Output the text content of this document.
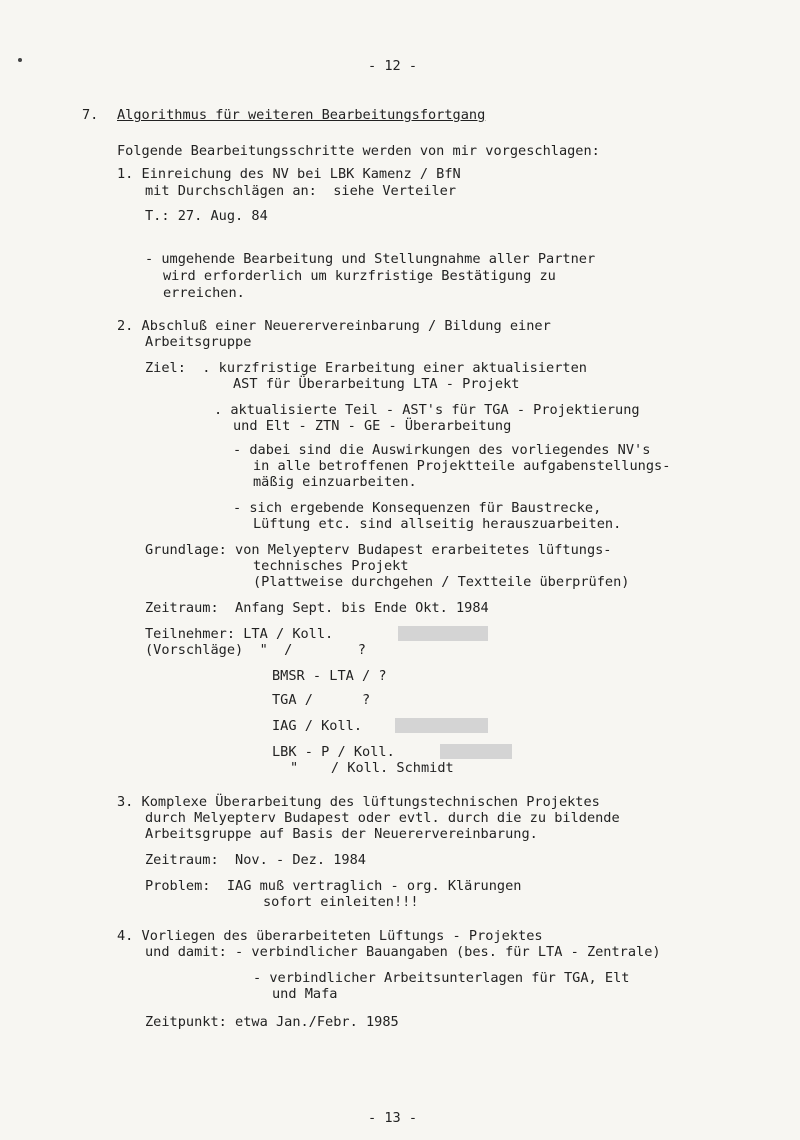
- 12 -
7. Algorithmus für weiteren Bearbeitungsfortgang
Folgende Bearbeitungsschritte werden von mir vorgeschlagen:
1. Einreichung des NV bei LBK Kamenz / BfN
mit Durchschlägen an:  siehe Verteiler
T.: 27. Aug. 84
- umgehende Bearbeitung und Stellungnahme aller Partner
wird erforderlich um kurzfristige Bestätigung zu
erreichen.
2. Abschluß einer Neuerervereinbarung / Bildung einer
Arbeitsgruppe
Ziel:  . kurzfristige Erarbeitung einer aktualisierten
AST für Überarbeitung LTA - Projekt
. aktualisierte Teil - AST's für TGA - Projektierung
und Elt - ZTN - GE - Überarbeitung
- dabei sind die Auswirkungen des vorliegendes NV's
in alle betroffenen Projektteile aufgabenstellungs-
mäßig einzuarbeiten.
- sich ergebende Konsequenzen für Baustrecke,
Lüftung etc. sind allseitig herauszuarbeiten.
Grundlage: von Melyepterv Budapest erarbeitetes lüftungs-
technisches Projekt
(Plattweise durchgehen / Textteile überprüfen)
Zeitraum:  Anfang Sept. bis Ende Okt. 1984
Teilnehmer: LTA / Koll.
(Vorschläge)  "  /        ?
BMSR - LTA / ?
TGA /      ?
IAG / Koll.
LBK - P / Koll.
"    / Koll. Schmidt
3. Komplexe Überarbeitung des lüftungstechnischen Projektes
durch Melyepterv Budapest oder evtl. durch die zu bildende
Arbeitsgruppe auf Basis der Neuerervereinbarung.
Zeitraum:  Nov. - Dez. 1984
Problem:  IAG muß vertraglich - org. Klärungen
sofort einleiten!!!
4. Vorliegen des überarbeiteten Lüftungs - Projektes
und damit: - verbindlicher Bauangaben (bes. für LTA - Zentrale)
- verbindlicher Arbeitsunterlagen für TGA, Elt
und Mafa
Zeitpunkt: etwa Jan./Febr. 1985
- 13 -
